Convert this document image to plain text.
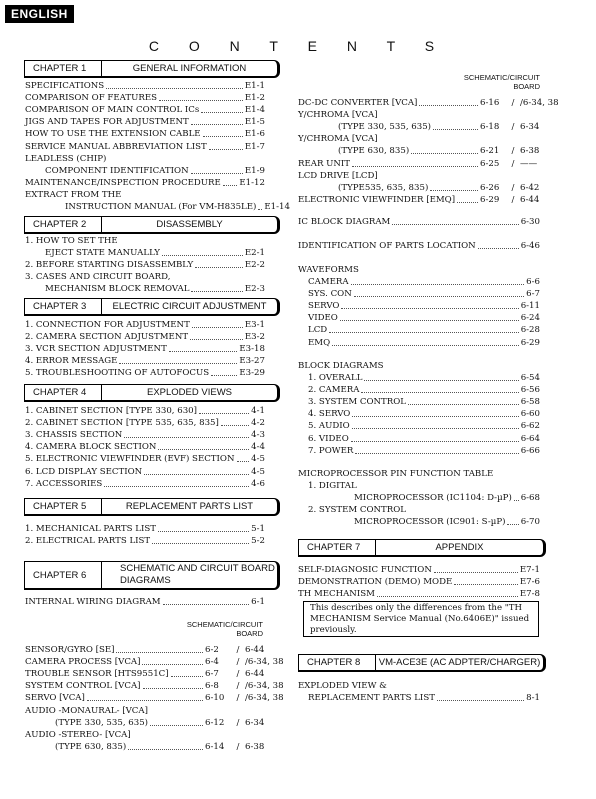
ENGLISH
C O N T E N T S
CHAPTER 1	GENERAL INFORMATION
SPECIFICATIONS	E1-1
COMPARISON OF FEATURES	E1-2
COMPARISON OF MAIN CONTROL ICs	E1-4
JIGS AND TAPES FOR ADJUSTMENT	E1-5
HOW TO USE THE EXTENSION CABLE	E1-6
SERVICE MANUAL ABBREVIATION LIST	E1-7
LEADLESS (CHIP)
COMPONENT IDENTIFICATION	E1-9
MAINTENANCE/INSPECTION PROCEDURE E1-12
EXTRACT FROM THE
INSTRUCTION MANUAL (For VM-H835LE) E1-14
CHAPTER 2	DISASSEMBLY
1. HOW TO SET THE
EJECT STATE MANUALLY	E2-1
2. BEFORE STARTING DISASSEMBLY	E2-2
3. CASES AND CIRCUIT BOARD,
MECHANISM BLOCK REMOVAL	E2-3
CHAPTER 3	ELECTRIC CIRCUIT ADJUSTMENT
1. CONNECTION FOR ADJUSTMENT	E3-1
2. CAMERA SECTION ADJUSTMENT	E3-2
3. VCR SECTION ADJUSTMENT	E3-18
4. ERROR MESSAGE	E3-27
5. TROUBLESHOOTING OF AUTOFOCUS	E3-29
CHAPTER 4	EXPLODED VIEWS
1. CABINET SECTION [TYPE 330, 630]	4-1
2. CABINET SECTION [TYPE 535, 635, 835]	4-2
3. CHASSIS SECTION	4-3
4. CAMERA BLOCK SECTION	4-4
5. ELECTRONIC VIEWFINDER (EVF) SECTION 4-5
6. LCD DISPLAY SECTION	4-5
7. ACCESSORIES	4-6
CHAPTER 5	REPLACEMENT PARTS LIST
1. MECHANICAL PARTS LIST	5-1
2. ELECTRICAL PARTS LIST	5-2
CHAPTER 6
SCHEMATIC AND CIRCUIT BOARD DIAGRAMS
INTERNAL WIRING DIAGRAM	6-1
SCHEMATIC/CIRCUIT BOARD
SENSOR/GYRO [SE]	6-2	/ 6-44
CAMERA PROCESS [VCA]	6-4	/ /6-34, 38
TROUBLE SENSOR [HTS9551C]	6-7	/ 6-44
SYSTEM CONTROL [VCA]	6-8	/ /6-34, 38
SERVO [VCA]	6-10	/ /6-34, 38
AUDIO -MONAURAL- [VCA]
(TYPE 330, 535, 635)	6-12	/ 6-34
AUDIO -STEREO- [VCA]
(TYPE 630, 835)	6-14	/ 6-38
SCHEMATIC/CIRCUIT BOARD
DC-DC CONVERTER [VCA]	6-16	/ /6-34, 38
Y/CHROMA [VCA]
(TYPE 330, 535, 635)	6-18	/ 6-34
Y/CHROMA [VCA]
(TYPE 630, 835)	6-21	/ 6-38
REAR UNIT	6-25	/ ——
LCD DRIVE [LCD]
(TYPE535, 635, 835)	6-26	/ 6-42
ELECTRONIC VIEWFINDER [EMQ]	6-29	/ 6-44
IC BLOCK DIAGRAM	6-30
IDENTIFICATION OF PARTS LOCATION	6-46
WAVEFORMS
CAMERA	6-6
SYS. CON	6-7
SERVO	6-11
VIDEO	6-24
LCD	6-28
EMQ	6-29
BLOCK DIAGRAMS
1. OVERALL	6-54
2. CAMERA	6-56
3. SYSTEM CONTROL	6-58
4. SERVO	6-60
5. AUDIO	6-62
6. VIDEO	6-64
7. POWER	6-66
MICROPROCESSOR PIN FUNCTION TABLE
1. DIGITAL
MICROPROCESSOR (IC1104: D-µP) 6-68
2. SYSTEM CONTROL
MICROPROCESSOR (IC901: S-µP) 6-70
CHAPTER 7	APPENDIX
SELF-DIAGNOSIC FUNCTION	E7-1
DEMONSTRATION (DEMO) MODE	E7-6
TH MECHANISM	E7-8
This describes only the differences from the "TH MECHANISM Service Manual (No.6406E)" issued previously.
CHAPTER 8	VM-ACE3E (AC ADPTER/CHARGER)
EXPLODED VIEW &
REPLACEMENT PARTS LIST	8-1
